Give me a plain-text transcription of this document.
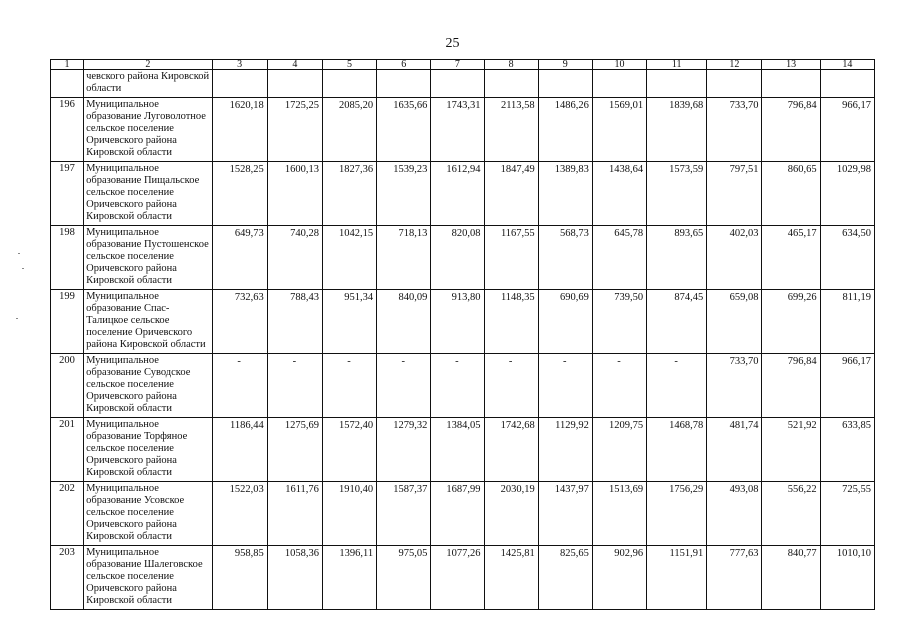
25
1	2	3	4	5	6	7	8	9	10	11	12	13	14
	чевского района Кировской области												
196	Муниципальное образование Луговолотное сельское поселение Оричевского района Кировской области	1620,18	1725,25	2085,20	1635,66	1743,31	2113,58	1486,26	1569,01	1839,68	733,70	796,84	966,17
197	Муниципальное образование Пищальское сельское поселение Оричевского района Кировской области	1528,25	1600,13	1827,36	1539,23	1612,94	1847,49	1389,83	1438,64	1573,59	797,51	860,65	1029,98
198	Муниципальное образование Пустошенское сельское поселение Оричевского района Кировской области	649,73	740,28	1042,15	718,13	820,08	1167,55	568,73	645,78	893,65	402,03	465,17	634,50
199	Муниципальное образование Спас-Талицкое сельское поселение Оричевского района Кировской области	732,63	788,43	951,34	840,09	913,80	1148,35	690,69	739,50	874,45	659,08	699,26	811,19
200	Муниципальное образование Суводское сельское поселение Оричевского района Кировской области	-	-	-	-	-	-	-	-	-	733,70	796,84	966,17
201	Муниципальное образование Торфяное сельское поселение Оричевского района Кировской области	1186,44	1275,69	1572,40	1279,32	1384,05	1742,68	1129,92	1209,75	1468,78	481,74	521,92	633,85
202	Муниципальное образование Усовское сельское поселение Оричевского района Кировской области	1522,03	1611,76	1910,40	1587,37	1687,99	2030,19	1437,97	1513,69	1756,29	493,08	556,22	725,55
203	Муниципальное образование Шалеговское сельское поселение Оричевского района Кировской области	958,85	1058,36	1396,11	975,05	1077,26	1425,81	825,65	902,96	1151,91	777,63	840,77	1010,10
